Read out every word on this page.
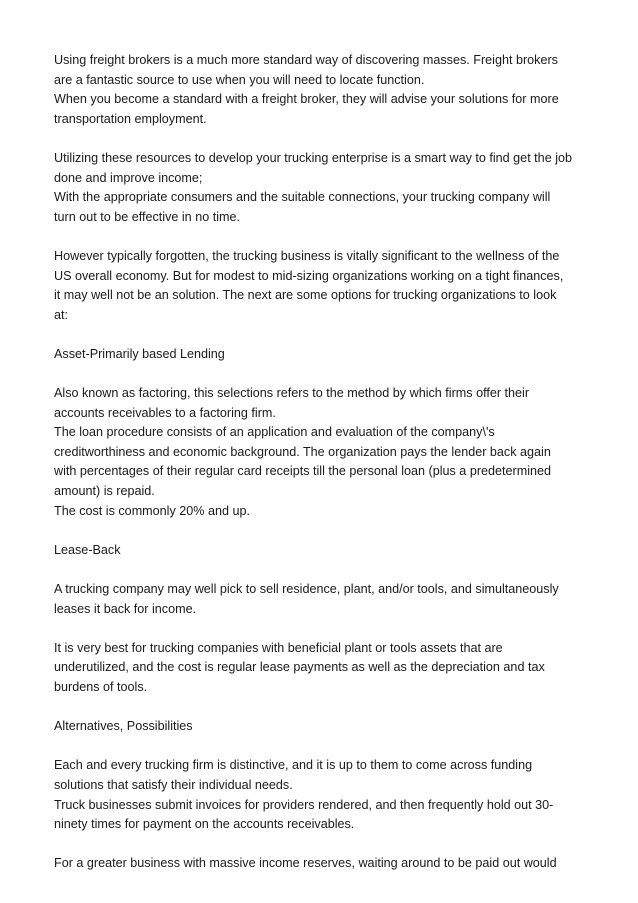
Using freight brokers is a much more standard way of discovering masses. Freight brokers
are a fantastic source to use when you will need to locate function.
When you become a standard with a freight broker, they will advise your solutions for more
transportation employment.
Utilizing these resources to develop your trucking enterprise is a smart way to find get the job
done and improve income;
With the appropriate consumers and the suitable connections, your trucking company will
turn out to be effective in no time.
However typically forgotten, the trucking business is vitally significant to the wellness of the
US overall economy. But for modest to mid-sizing organizations working on a tight finances,
it may well not be an solution. The next are some options for trucking organizations to look
at:
Asset-Primarily based Lending
Also known as factoring, this selections refers to the method by which firms offer their
accounts receivables to a factoring firm.
The loan procedure consists of an application and evaluation of the company\'s
creditworthiness and economic background. The organization pays the lender back again
with percentages of their regular card receipts till the personal loan (plus a predetermined
amount) is repaid.
The cost is commonly 20% and up.
Lease-Back
A trucking company may well pick to sell residence, plant, and/or tools, and simultaneously
leases it back for income.
It is very best for trucking companies with beneficial plant or tools assets that are
underutilized, and the cost is regular lease payments as well as the depreciation and tax
burdens of tools.
Alternatives, Possibilities
Each and every trucking firm is distinctive, and it is up to them to come across funding
solutions that satisfy their individual needs.
Truck businesses submit invoices for providers rendered, and then frequently hold out 30-
ninety times for payment on the accounts receivables.
For a greater business with massive income reserves, waiting around to be paid out would
